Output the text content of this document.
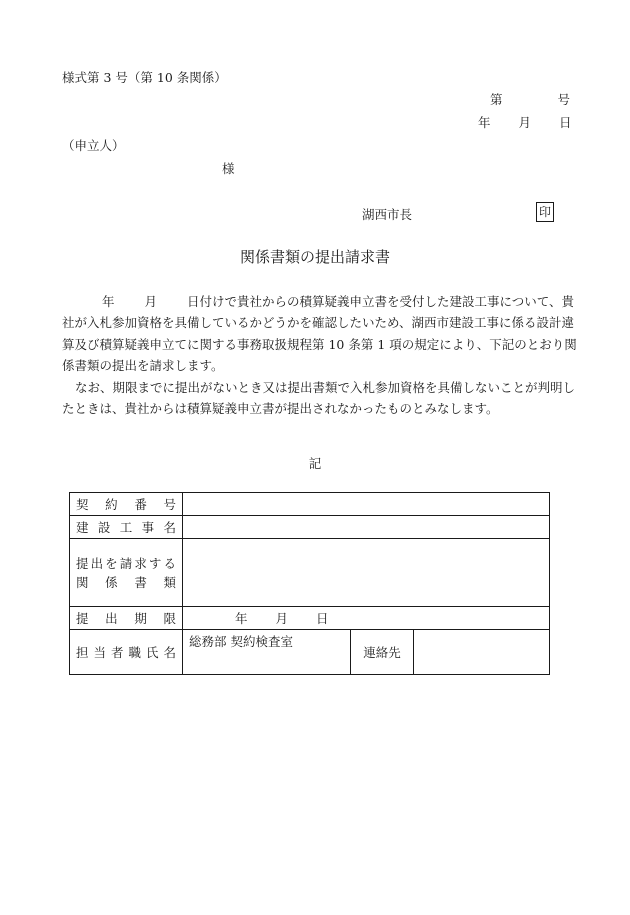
様式第 3 号（第 10 条関係）
第	号
年 月 日
（申立人）
様
湖西市長	印
関係書類の提出請求書

年 月 日付けで貴社からの積算疑義申立書を受付した建設工事について、貴社が入札参加資格を具備しているかどうかを確認したいため、湖西市建設工事に係る設計違算及び積算疑義申立てに関する事務取扱規程第 10 条第 1 項の規定により、下記のとおり関係書類の提出を請求します。

なお、期限までに提出がないとき又は提出書類で入札参加資格を具備しないことが判明したときは、貴社からは積算疑義申立書が提出されなかったものとみなします。

記
契約番号			
建設工事名			

提出を請求する
関係書類			

提出期限	年 月 日		
担当者職氏名	総務部 契約検査室	連絡先	
